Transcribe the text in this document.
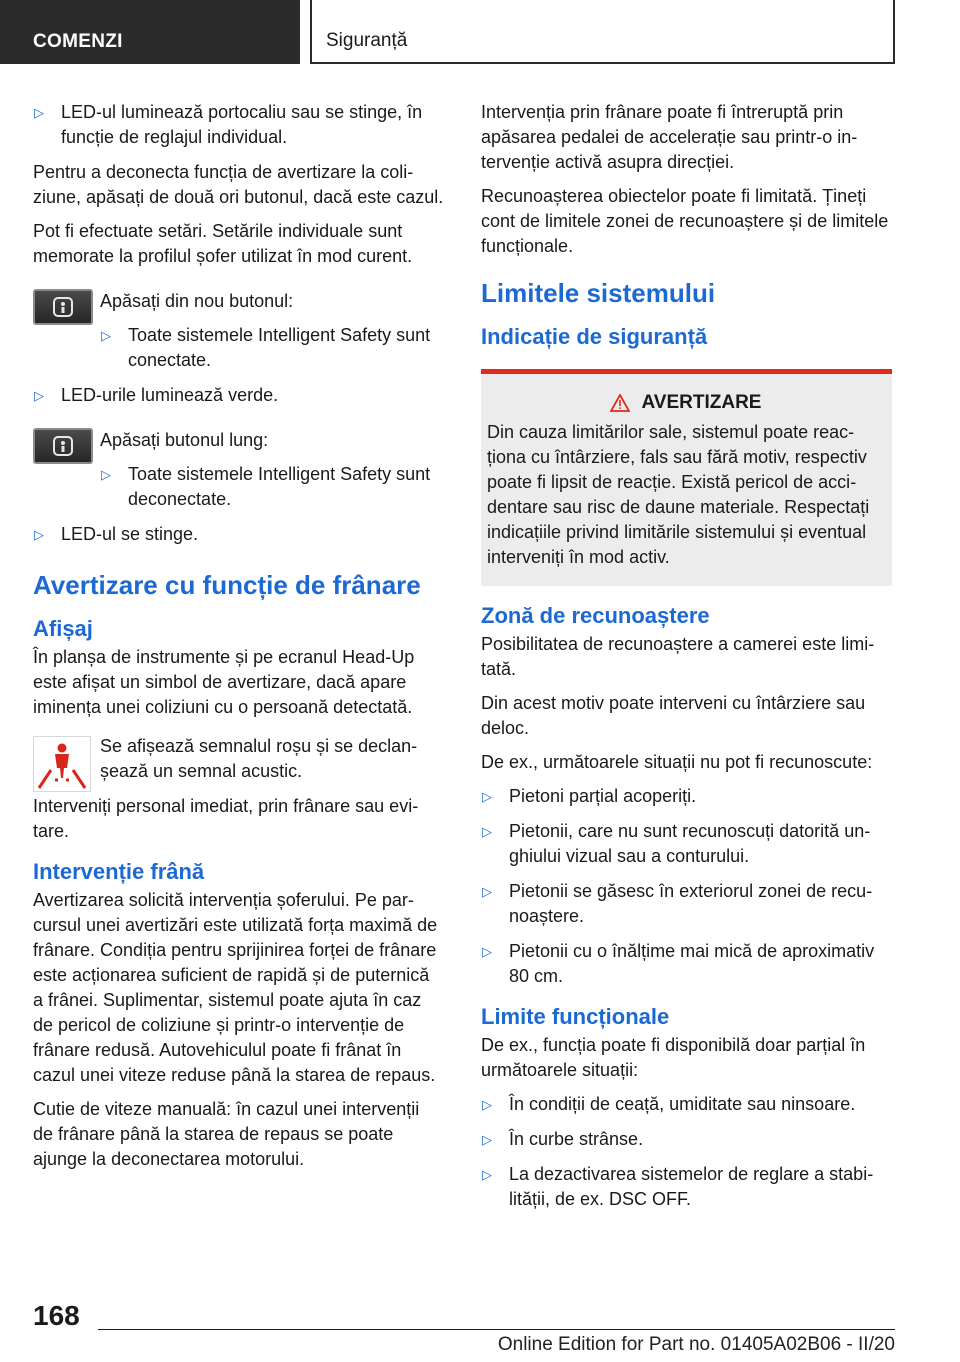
COMENZI	Siguranță
▷ LED-ul luminează portocaliu sau se stinge, în funcție de reglajul individual.

Pentru a deconecta funcția de avertizare la coliziune, apăsați de două ori butonul, dacă este cazul.

Pot fi efectuate setări. Setările individuale sunt memorate la profilul șofer utilizat în mod curent.

Apăsați din nou butonul:

▷ Toate sistemele Intelligent Safety sunt conectate.
▷ LED-urile luminează verde.

Apăsați butonul lung:

▷ Toate sistemele Intelligent Safety sunt deconectate.
▷ LED-ul se stinge.
Avertizare cu funcție de frânare
Afișaj

În planșa de instrumente și pe ecranul Head-Up este afișat un simbol de avertizare, dacă apare iminența unei coliziuni cu o persoană detectată.

Se afișează semnalul roșu și se declanșează un semnal acustic.

Interveniți personal imediat, prin frânare sau evitare.

Intervenție frână

Avertizarea solicită intervenția șoferului. Pe parcursul unei avertizări este utilizată forța maximă de frânare. Condiția pentru sprijinirea forței de frânare este acționarea suficient de rapidă și de puternică a frânei. Suplimentar, sistemul poate ajuta în caz de pericol de coliziune și printr-o intervenție de frânare redusă. Autovehiculul poate fi frânat în cazul unei viteze reduse până la starea de repaus.

Cutie de viteze manuală: în cazul unei intervenții de frânare până la starea de repaus se poate ajunge la deconectarea motorului.

Intervenția prin frânare poate fi întreruptă prin apăsarea pedalei de accelerație sau printr-o intervenție activă asupra direcției.

Recunoașterea obiectelor poate fi limitată. Țineți cont de limitele zonei de recunoaștere și de limitele funcționale.

Limitele sistemului
Indicație de siguranță
AVERTIZARE

Din cauza limitărilor sale, sistemul poate reacționa cu întârziere, fals sau fără motiv, respectiv poate fi lipsit de reacție. Există pericol de accidentare sau risc de daune materiale. Respectați indicațiile privind limitările sistemului și eventual interveniți în mod activ.

Zonă de recunoaștere

Posibilitatea de recunoaștere a camerei este limitată.

Din acest motiv poate interveni cu întârziere sau deloc.

De ex., următoarele situații nu pot fi recunoscute:

▷ Pietoni parțial acoperiți.
▷ Pietonii, care nu sunt recunoscuți datorită unghiului vizual sau a conturului.
▷ Pietonii se găsesc în exteriorul zonei de recunoaștere.
▷ Pietonii cu o înălțime mai mică de aproximativ 80 cm.
Limite funcționale

De ex., funcția poate fi disponibilă doar parțial în următoarele situații:

▷ În condiții de ceață, umiditate sau ninsoare.
▷ În curbe strânse.
▷ La dezactivarea sistemelor de reglare a stabilității, de ex. DSC OFF.
168
Online Edition for Part no. 01405A02B06 - II/20
